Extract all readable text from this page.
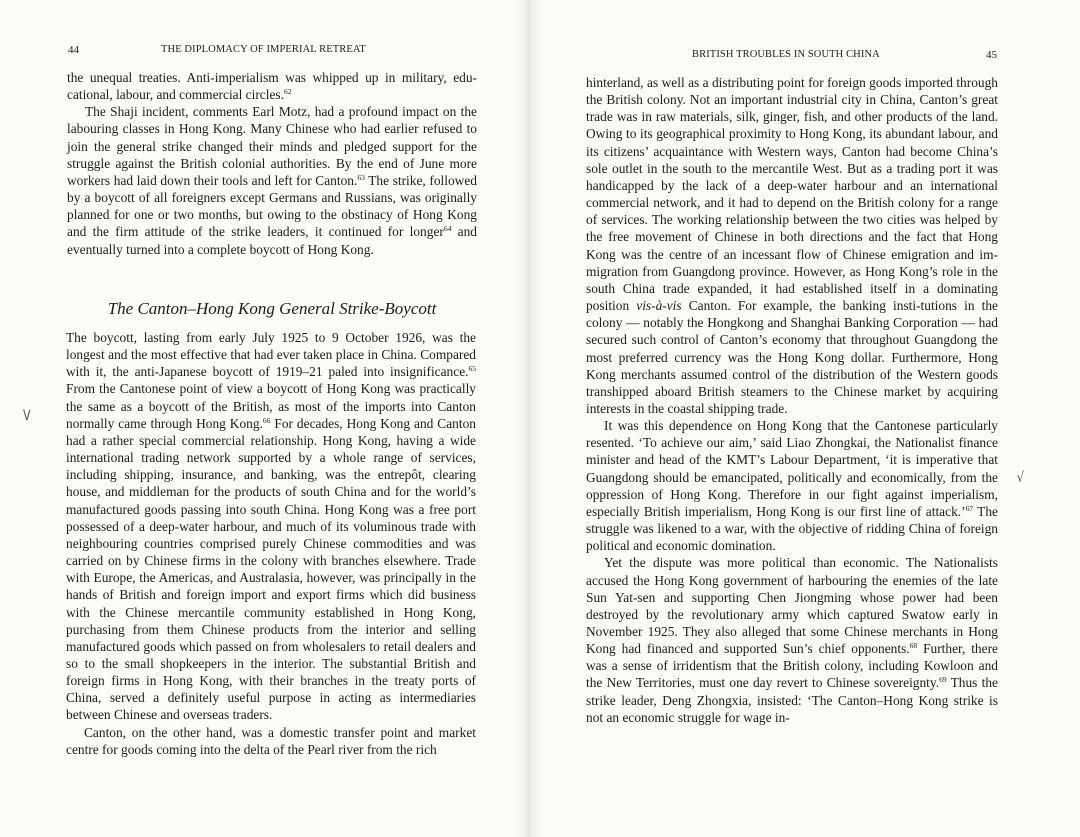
44	THE DIPLOMACY OF IMPERIAL RETREAT

the unequal treaties. Anti-imperialism was whipped up in military, edu-cational, labour, and commercial circles.$^{62}$

The Shaji incident, comments Earl Motz, had a profound impact on the labouring classes in Hong Kong. Many Chinese who had earlier refused to join the general strike changed their minds and pledged support for the struggle against the British colonial authorities. By the end of June more workers had laid down their tools and left for Canton.$^{63}$ The strike, followed by a boycott of all foreigners except Germans and Russians, was originally planned for one or two months, but owing to the obstinacy of Hong Kong and the firm attitude of the strike leaders, it continued for longer$^{64}$ and eventually turned into a complete boycott of Hong Kong.

The Canton–Hong Kong General Strike-Boycott

The boycott, lasting from early July 1925 to 9 October 1926, was the longest and the most effective that had ever taken place in China. Compared with it, the anti-Japanese boycott of 1919–21 paled into insignificance.$^{65}$ From the Cantonese point of view a boycott of Hong Kong was practically the same as a boycott of the British, as most of the imports into Canton normally came through Hong Kong.$^{66}$ For decades, Hong Kong and Canton had a rather special commercial relationship. Hong Kong, having a wide international trading network supported by a whole range of services, including shipping, insurance, and banking, was the entrepôt, clearing house, and middleman for the products of south China and for the world’s manufactured goods passing into south China. Hong Kong was a free port possessed of a deep-water harbour, and much of its voluminous trade with neighbouring countries comprised purely Chinese commodities and was carried on by Chinese firms in the colony with branches elsewhere. Trade with Europe, the Americas, and Australasia, however, was principally in the hands of British and foreign import and export firms which did business with the Chinese mercantile community established in Hong Kong, purchasing from them Chinese products from the interior and selling manufactured goods which passed on from wholesalers to retail dealers and so to the small shopkeepers in the interior. The substantial British and foreign firms in Hong Kong, with their branches in the treaty ports of China, served a definitely useful purpose in acting as intermediaries between Chinese and overseas traders.

Canton, on the other hand, was a domestic transfer point and market centre for goods coming into the delta of the Pearl river from the rich

V
BRITISH TROUBLES IN SOUTH CHINA	45

hinterland, as well as a distributing point for foreign goods imported through the British colony. Not an important industrial city in China, Canton’s great trade was in raw materials, silk, ginger, fish, and other products of the land. Owing to its geographical proximity to Hong Kong, its abundant labour, and its citizens’ acquaintance with Western ways, Canton had become China’s sole outlet in the south to the mercantile West. But as a trading port it was handicapped by the lack of a deep-water harbour and an international commercial network, and it had to depend on the British colony for a range of services. The working relationship between the two cities was helped by the free movement of Chinese in both directions and the fact that Hong Kong was the centre of an incessant flow of Chinese emigration and im-migration from Guangdong province. However, as Hong Kong’s role in the south China trade expanded, it had established itself in a dominating position vis-à-vis Canton. For example, the banking insti-tutions in the colony — notably the Hongkong and Shanghai Banking Corporation — had secured such control of Canton’s economy that throughout Guangdong the most preferred currency was the Hong Kong dollar. Furthermore, Hong Kong merchants assumed control of the distribution of the Western goods transhipped aboard British steamers to the Chinese market by acquiring interests in the coastal shipping trade.

It was this dependence on Hong Kong that the Cantonese particularly resented. ‘To achieve our aim,’ said Liao Zhongkai, the Nationalist finance minister and head of the KMT’s Labour Department, ‘it is imperative that Guangdong should be emancipated, politically and economically, from the oppression of Hong Kong. Therefore in our fight against imperialism, especially British imperialism, Hong Kong is our first line of attack.’$^{67}$ The struggle was likened to a war, with the objective of ridding China of foreign political and economic domination.

Yet the dispute was more political than economic. The Nationalists accused the Hong Kong government of harbouring the enemies of the late Sun Yat-sen and supporting Chen Jiongming whose power had been destroyed by the revolutionary army which captured Swatow early in November 1925. They also alleged that some Chinese merchants in Hong Kong had financed and supported Sun’s chief opponents.$^{68}$ Further, there was a sense of irridentism that the British colony, including Kowloon and the New Territories, must one day revert to Chinese sovereignty.$^{69}$ Thus the strike leader, Deng Zhongxia, insisted: ‘The Canton–Hong Kong strike is not an economic struggle for wage in-

√
